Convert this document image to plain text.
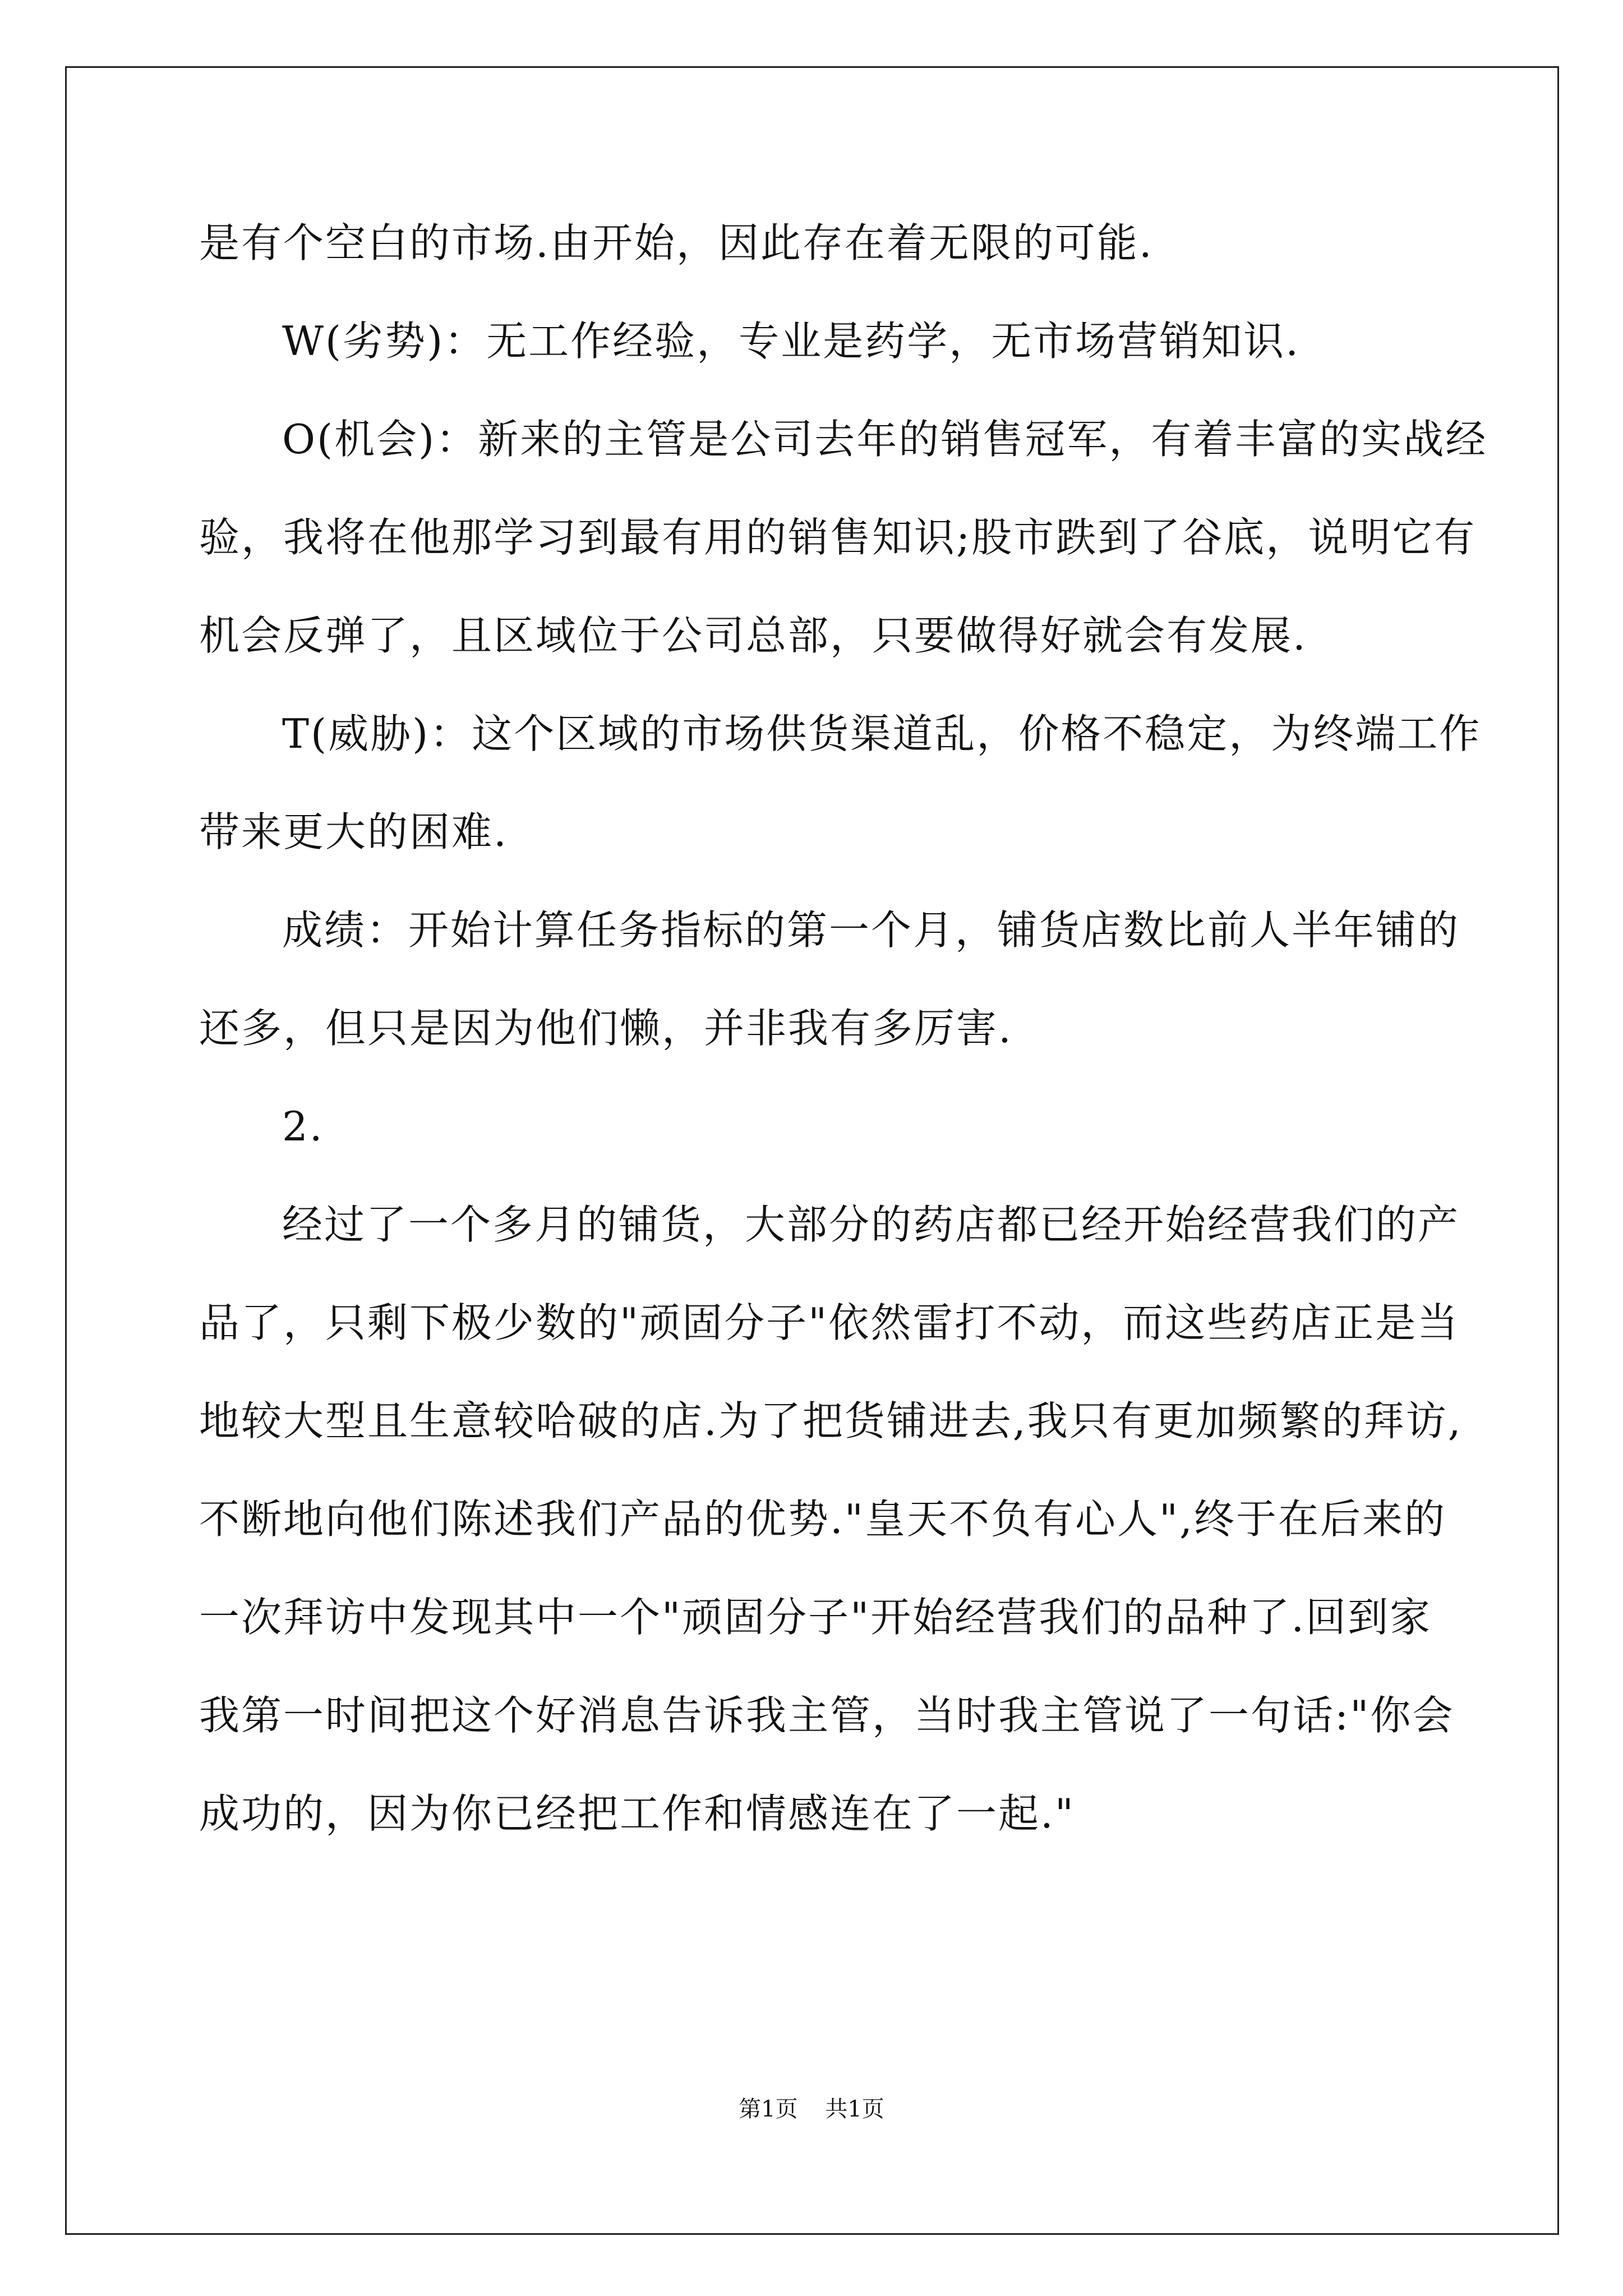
是有个空白的市场.由开始，因此存在着无限的可能.
W(劣势)：无工作经验，专业是药学，无市场营销知识.
O(机会)：新来的主管是公司去年的销售冠军，有着丰富的实战经
验，我将在他那学习到最有用的销售知识;股市跌到了谷底，说明它有
机会反弹了，且区域位于公司总部，只要做得好就会有发展.
T(威胁)：这个区域的市场供货渠道乱，价格不稳定，为终端工作
带来更大的困难.
成绩：开始计算任务指标的第一个月，铺货店数比前人半年铺的
还多，但只是因为他们懒，并非我有多厉害.
2.
经过了一个多月的铺货，大部分的药店都已经开始经营我们的产
品了，只剩下极少数的"顽固分子"依然雷打不动，而这些药店正是当
地较大型且生意较哈破的店.为了把货铺进去,我只有更加频繁的拜访,
不断地向他们陈述我们产品的优势."皇天不负有心人",终于在后来的
一次拜访中发现其中一个"顽固分子"开始经营我们的品种了.回到家
我第一时间把这个好消息告诉我主管，当时我主管说了一句话:"你会
成功的，因为你已经把工作和情感连在了一起."
第1页 共1页
